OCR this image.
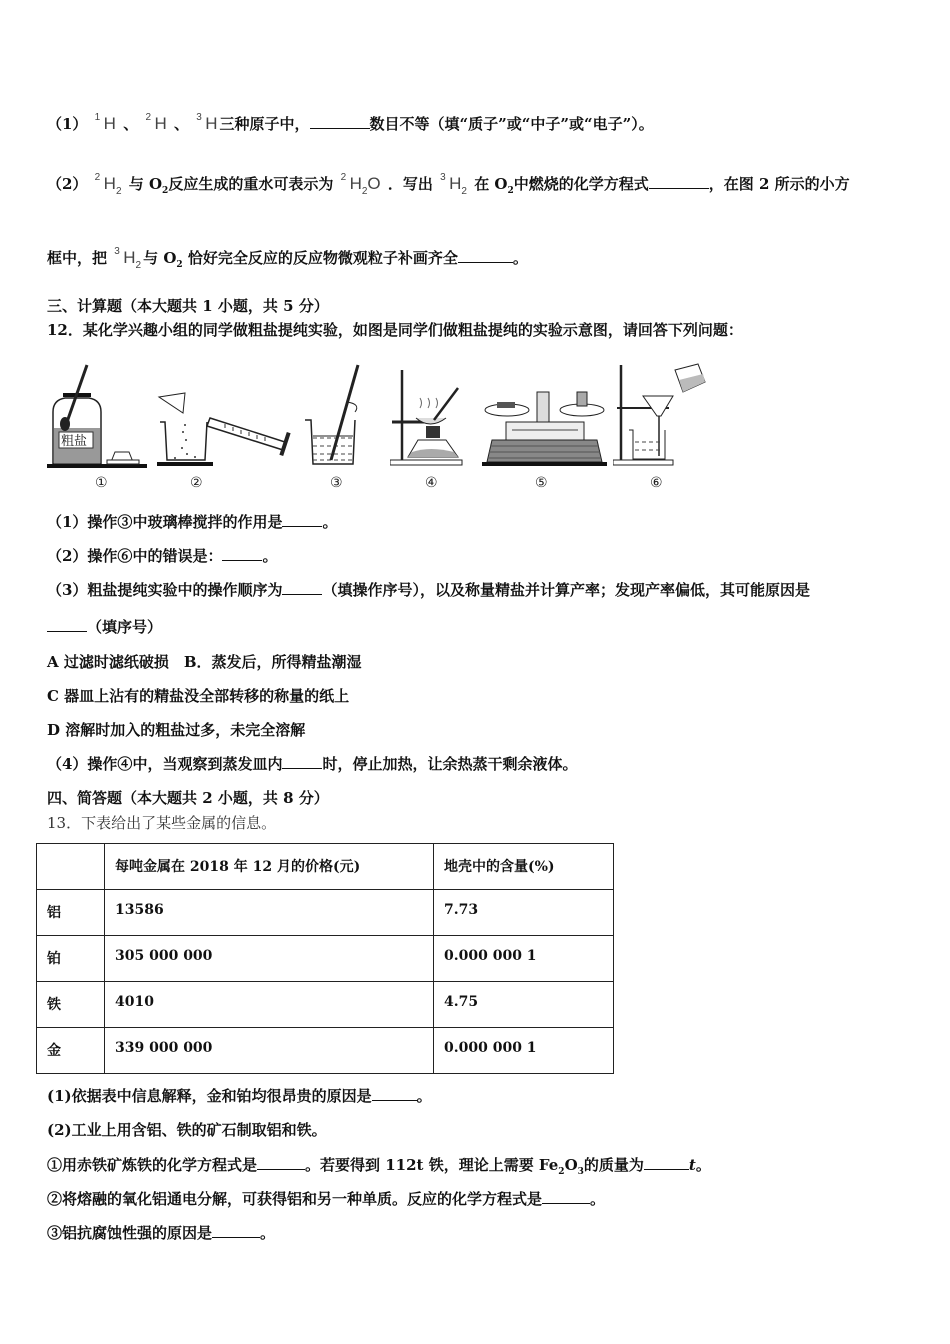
（1） 1 H 、 2 H 、 3 H 三种原子中，	数目不等（填“质子”或“中子”或“电子”）。
（2） 2 $H_2$ 与 $O_2$反应生成的重水可表示为 2 $H_2O$ ．写出 3 $H_2$ 在 $O_2$中燃烧的化学方程式	，在图 2 所示的小方
框中，把 3 $H_2$ 与 $O_2$ 恰好完全反应的反应物微观粒子补画齐全	。
三、计算题（本大题共 1 小题，共 5 分）
12．某化学兴趣小组的同学做粗盐提纯实验，如图是同学们做粗盐提纯的实验示意图，请回答下列问题：
粗盐
①	②	③	④	⑤	⑥
（1）操作③中玻璃棒搅拌的作用是	。
（2）操作⑥中的错误是：	。
（3）粗盐提纯实验中的操作顺序为	（填操作序号），以及称量精盐并计算产率；发现产率偏低，其可能原因是
（填序号）
A 过滤时滤纸破损　B．蒸发后，所得精盐潮湿
C 器皿上沾有的精盐没全部转移的称量的纸上
D 溶解时加入的粗盐过多，未完全溶解
（4）操作④中，当观察到蒸发皿内	时，停止加热，让余热蒸干剩余液体。
四、简答题（本大题共 2 小题，共 8 分）
13．下表给出了某些金属的信息。
	每吨金属在 2018 年 12 月的价格(元)	地壳中的含量(%)
铝	13586	7.73
铂	305 000 000	0.000 000 1
铁	4010	4.75
金	339 000 000	0.000 000 1
(1)依据表中信息解释，金和铂均很昂贵的原因是	。
(2)工业上用含铝、铁的矿石制取铝和铁。
①用赤铁矿炼铁的化学方程式是	。若要得到 112t 铁，理论上需要 $Fe_2O_3$的质量为	t。
②将熔融的氧化铝通电分解，可获得铝和另一种单质。反应的化学方程式是	。
③铝抗腐蚀性强的原因是	。
